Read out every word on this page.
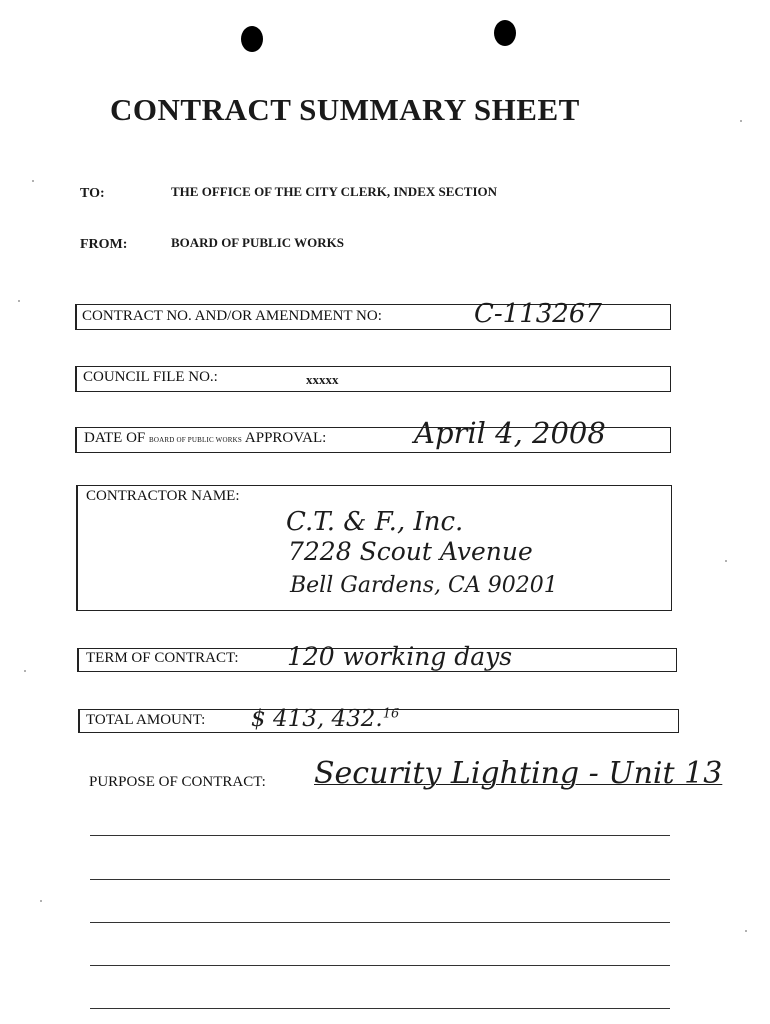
CONTRACT SUMMARY SHEET
TO:	THE OFFICE OF THE CITY CLERK, INDEX SECTION
FROM:	BOARD OF PUBLIC WORKS
CONTRACT NO. AND/OR AMENDMENT NO:	C-113267
COUNCIL FILE NO.:	xxxxx
DATE OF BOARD OF PUBLIC WORKS APPROVAL:	April 4, 2008
CONTRACTOR NAME:
C.T. & F., Inc.
7228 Scout Avenue
Bell Gardens, CA 90201
TERM OF CONTRACT: 120 working days
TOTAL AMOUNT: $ 413, 432.16
PURPOSE OF CONTRACT: Security Lighting - Unit 13
